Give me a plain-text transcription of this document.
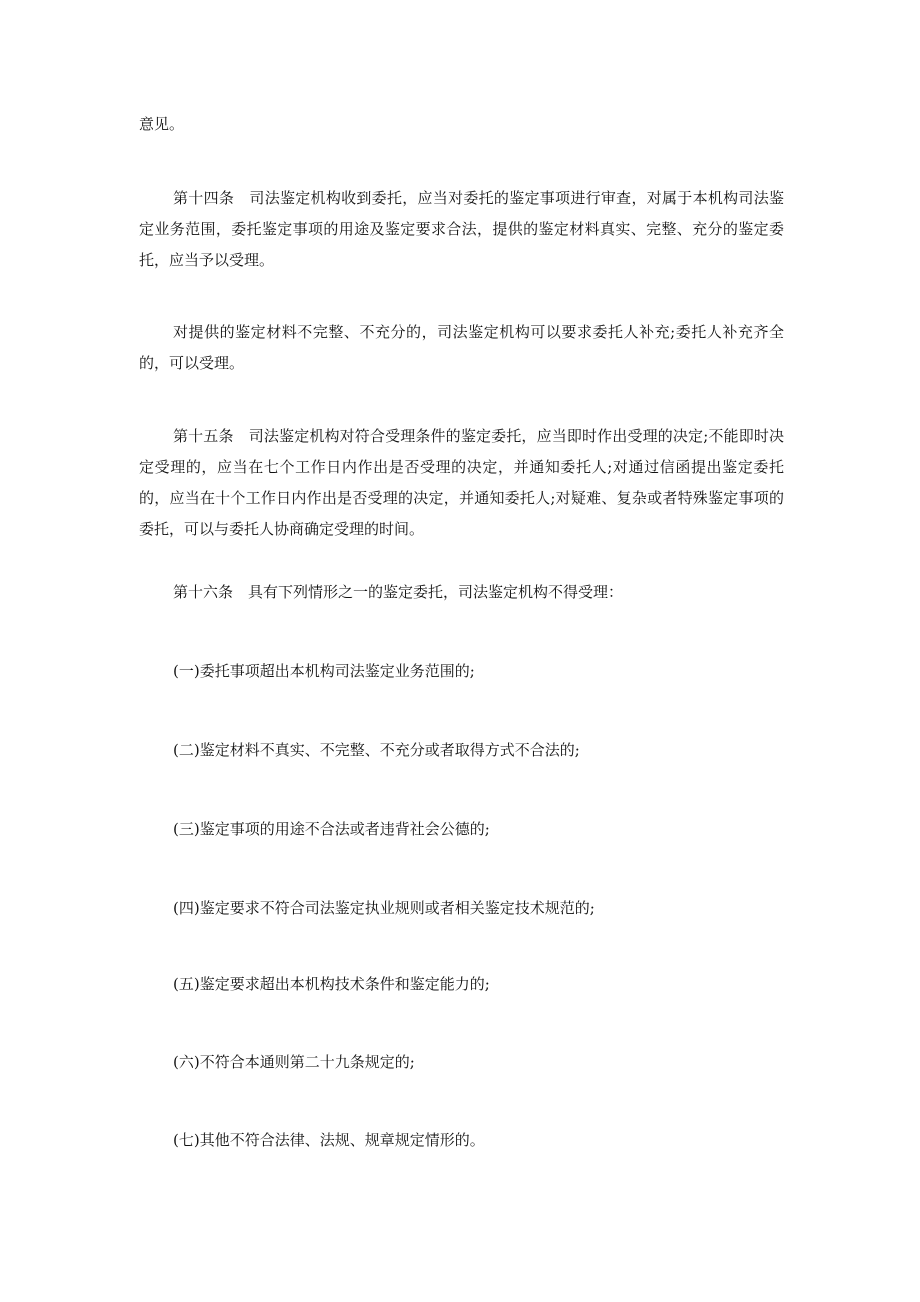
意见。

第十四条　司法鉴定机构收到委托，应当对委托的鉴定事项进行审查，对属于本机构司法鉴定业务范围，委托鉴定事项的用途及鉴定要求合法，提供的鉴定材料真实、完整、充分的鉴定委托，应当予以受理。

对提供的鉴定材料不完整、不充分的，司法鉴定机构可以要求委托人补充;委托人补充齐全的，可以受理。

第十五条　司法鉴定机构对符合受理条件的鉴定委托，应当即时作出受理的决定;不能即时决定受理的，应当在七个工作日内作出是否受理的决定，并通知委托人;对通过信函提出鉴定委托的，应当在十个工作日内作出是否受理的决定，并通知委托人;对疑难、复杂或者特殊鉴定事项的委托，可以与委托人协商确定受理的时间。

第十六条　具有下列情形之一的鉴定委托，司法鉴定机构不得受理：

(一)委托事项超出本机构司法鉴定业务范围的;

(二)鉴定材料不真实、不完整、不充分或者取得方式不合法的;

(三)鉴定事项的用途不合法或者违背社会公德的;

(四)鉴定要求不符合司法鉴定执业规则或者相关鉴定技术规范的;

(五)鉴定要求超出本机构技术条件和鉴定能力的;

(六)不符合本通则第二十九条规定的;

(七)其他不符合法律、法规、规章规定情形的。
